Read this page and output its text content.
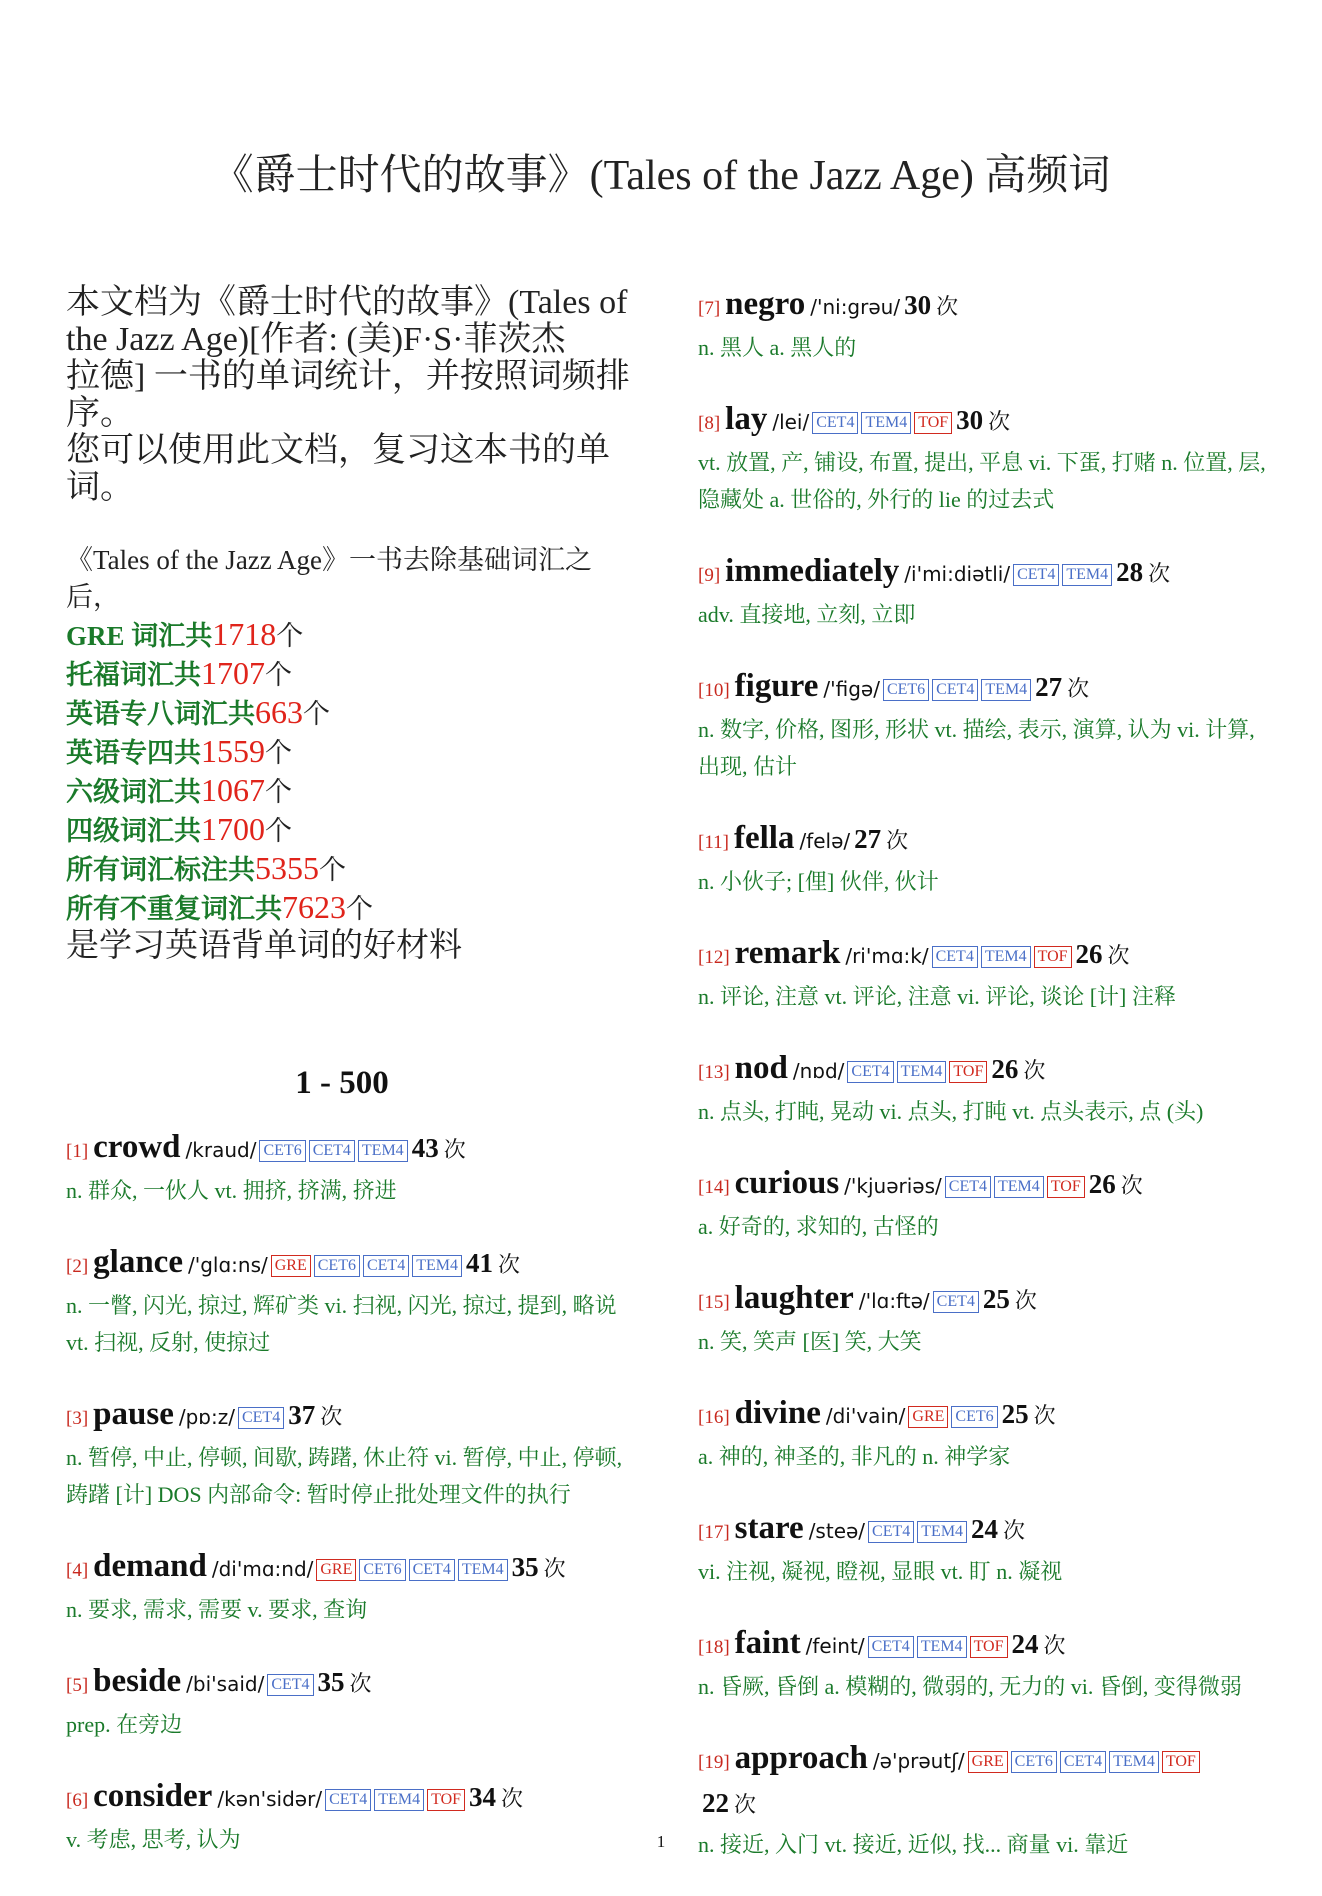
《爵士时代的故事》(Tales of the Jazz Age) 高频词

本文档为《爵士时代的故事》(Tales of
the Jazz Age)[作者: (美)F·S·菲茨杰
拉德] 一书的单词统计，并按照词频排
序。
您可以使用此文档，复习这本书的单
词。

《Tales of the Jazz Age》一书去除基础词汇之后，
GRE 词汇共1718个
托福词汇共1707个
英语专八词汇共663个
英语专四共1559个
六级词汇共1067个
四级词汇共1700个
所有词汇标注共5355个
所有不重复词汇共7623个
是学习英语背单词的好材料
1 - 500
[1] crowd /kraud/ CET6 CET4 TEM4 43 次
n. 群众, 一伙人 vt. 拥挤, 挤满, 挤进
[2] glance /'glɑ:ns/ GRE CET6 CET4 TEM4 41 次
n. 一瞥, 闪光, 掠过, 辉矿类 vi. 扫视, 闪光, 掠过, 提到, 略说 vt. 扫视, 反射, 使掠过
[3] pause /pɒ:z/ CET4 37 次
n. 暂停, 中止, 停顿, 间歇, 踌躇, 休止符 vi. 暂停, 中止, 停顿, 踌躇 [计] DOS 内部命令: 暂时停止批处理文件的执行
[4] demand /di'mɑ:nd/ GRE CET6 CET4 TEM4 35 次
n. 要求, 需求, 需要 v. 要求, 查询
[5] beside /bi'said/ CET4 35 次
prep. 在旁边
[6] consider /kən'sidər/ CET4 TEM4 TOF 34 次
v. 考虑, 思考, 认为
[7] negro /'ni:grəu/ 30 次
n. 黑人 a. 黑人的
[8] lay /lei/ CET4 TEM4 TOF 30 次
vt. 放置, 产, 铺设, 布置, 提出, 平息 vi. 下蛋, 打赌 n. 位置, 层, 隐藏处 a. 世俗的, 外行的 lie 的过去式
[9] immediately /i'mi:diətli/ CET4 TEM4 28 次
adv. 直接地, 立刻, 立即
[10] figure /'figə/ CET6 CET4 TEM4 27 次
n. 数字, 价格, 图形, 形状 vt. 描绘, 表示, 演算, 认为 vi. 计算, 出现, 估计
[11] fella /felə/ 27 次
n. 小伙子; [俚] 伙伴, 伙计
[12] remark /ri'mɑ:k/ CET4 TEM4 TOF 26 次
n. 评论, 注意 vt. 评论, 注意 vi. 评论, 谈论 [计] 注释
[13] nod /nɒd/ CET4 TEM4 TOF 26 次
n. 点头, 打盹, 晃动 vi. 点头, 打盹 vt. 点头表示, 点 (头)
[14] curious /'kjuəriəs/ CET4 TEM4 TOF 26 次
a. 好奇的, 求知的, 古怪的
[15] laughter /'lɑ:ftə/ CET4 25 次
n. 笑, 笑声 [医] 笑, 大笑
[16] divine /di'vain/ GRE CET6 25 次
a. 神的, 神圣的, 非凡的 n. 神学家
[17] stare /steə/ CET4 TEM4 24 次
vi. 注视, 凝视, 瞪视, 显眼 vt. 盯 n. 凝视
[18] faint /feint/ CET4 TEM4 TOF 24 次
n. 昏厥, 昏倒 a. 模糊的, 微弱的, 无力的 vi. 昏倒, 变得微弱
[19] approach /ə'prəutʃ/ GRE CET6 CET4 TEM4 TOF
22 次
n. 接近, 入门 vt. 接近, 近似, 找... 商量 vi. 靠近
1
